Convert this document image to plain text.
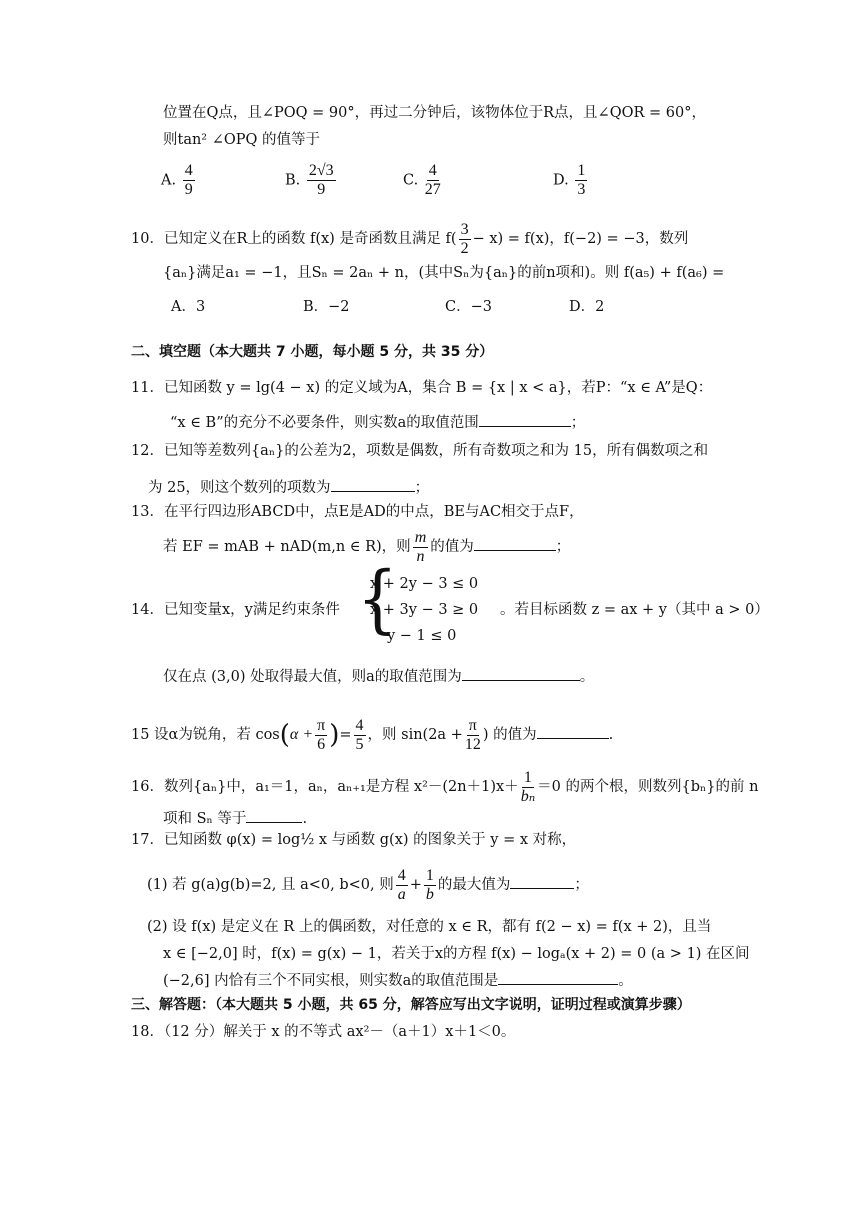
位置在Q点，且∠POQ = 90°，再过二分钟后，该物体位于R点，且∠QOR = 60°，
则tan² ∠OPQ 的值等于
A. $\frac{4}{9}$	B. $\frac{2√3}{9}$	C. $\frac{4}{27}$	D. $\frac{1}{3}$
10．已知定义在R上的函数 f(x) 是奇函数且满足 $f( \frac{3}{2} - x) = f(x)$，f(−2) = −3，数列
{aₙ}满足a₁ = −1，且Sₙ = 2aₙ + n，(其中Sₙ为{aₙ}的前n项和)。则 f(a₅) + f(a₆) =
A．3	B．−2	C．−3	D．2
二、填空题（本大题共 7 小题，每小题 5 分，共 35 分）
11．已知函数 y = lg(4 − x) 的定义域为A，集合 B = {x | x < a}，若P：“x ∈ A”是Q：
“x ∈ B”的充分不必要条件，则实数a的取值范围	；
12．已知等差数列{aₙ}的公差为2，项数是偶数，所有奇数项之和为 15，所有偶数项之和
为 25，则这个数列的项数为	；
13．在平行四边形ABCD中，点E是AD的中点，BE与AC相交于点F，
若 EF = mAB + nAD(m,n ∈ R)，则 $\frac{m}{n}$ 的值为	；
14．已知变量x，y满足约束条件 {
x + 2y − 3 ≤ 0
x + 3y − 3 ≥ 0
y − 1 ≤ 0
。若目标函数 z = ax + y（其中 a > 0）
仅在点 (3,0) 处取得最大值，则a的取值范围为	。
15 设α为锐角，若 $\cos(\alpha + \frac{\pi}{6}$ )= $\frac{4}{5}$ ，则 $\sin(2a + \frac{\pi}{12}$ ) 的值为	.
16．数列{aₙ}中，a₁＝1，aₙ，aₙ₊₁是方程 $x^2-(2n+1)x+ \frac{1}{\text{bₙ}} =0$ 的两个根，则数列{bₙ}的前 n
项和 Sₙ 等于	.
17．已知函数 φ(x) = log½ x 与函数 g(x) 的图象关于 y = x 对称，
(1) 若 g(a)g(b)=2, 且 a<0, b<0, 则 $\frac{4}{a} + \frac{1}{b}$ 的最大值为	；
(2) 设 f(x) 是定义在 R 上的偶函数，对任意的 x ∈ R，都有 f(2 − x) = f(x + 2)，且当
x ∈ [−2,0] 时，f(x) = g(x) − 1，若关于x的方程 f(x) − logₐ(x + 2) = 0 (a > 1) 在区间
(−2,6] 内恰有三个不同实根，则实数a的取值范围是	。
三、解答题：（本大题共 5 小题，共 65 分，解答应写出文字说明，证明过程或演算步骤）
18．（12 分）解关于 x 的不等式 ax²－（a＋1）x＋1＜0。
